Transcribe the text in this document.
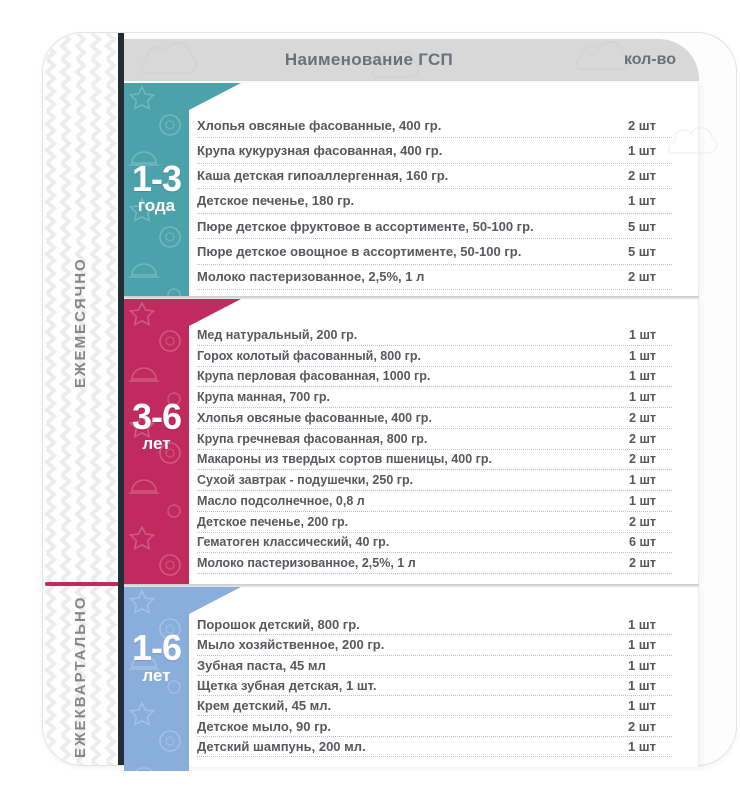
ЕЖЕМЕСЯЧНО
ЕЖЕКВАРТАЛЬНО
Наименование ГСП	кол-во
1-3
года
Хлопья овсяные фасованные, 400 гр.	2 шт
Крупа кукурузная фасованная, 400 гр.	1 шт
Каша детская гипоаллергенная, 160 гр.	2 шт
Детское печенье, 180 гр.	1 шт
Пюре детское фруктовое в ассортименте, 50-100 гр.	5 шт
Пюре детское овощное в ассортименте, 50-100 гр.	5 шт
Молоко пастеризованное, 2,5%, 1 л	2 шт
3-6
лет
Мед натуральный, 200 гр.	1 шт
Горох колотый фасованный, 800 гр.	1 шт
Крупа перловая фасованная, 1000 гр.	1 шт
Крупа манная, 700 гр.	1 шт
Хлопья овсяные фасованные, 400 гр.	2 шт
Крупа гречневая фасованная, 800 гр.	2 шт
Макароны из твердых сортов пшеницы, 400 гр.	2 шт
Сухой завтрак - подушечки, 250 гр.	1 шт
Масло подсолнечное, 0,8 л	1 шт
Детское печенье, 200 гр.	2 шт
Гематоген классический, 40 гр.	6 шт
Молоко пастеризованное, 2,5%, 1 л	2 шт
1-6
лет
Порошок детский, 800 гр.	1 шт
Мыло хозяйственное, 200 гр.	1 шт
Зубная паста, 45 мл	1 шт
Щетка зубная детская, 1 шт.	1 шт
Крем детский, 45 мл.	1 шт
Детское мыло, 90 гр.	2 шт
Детский шампунь, 200 мл.	1 шт
